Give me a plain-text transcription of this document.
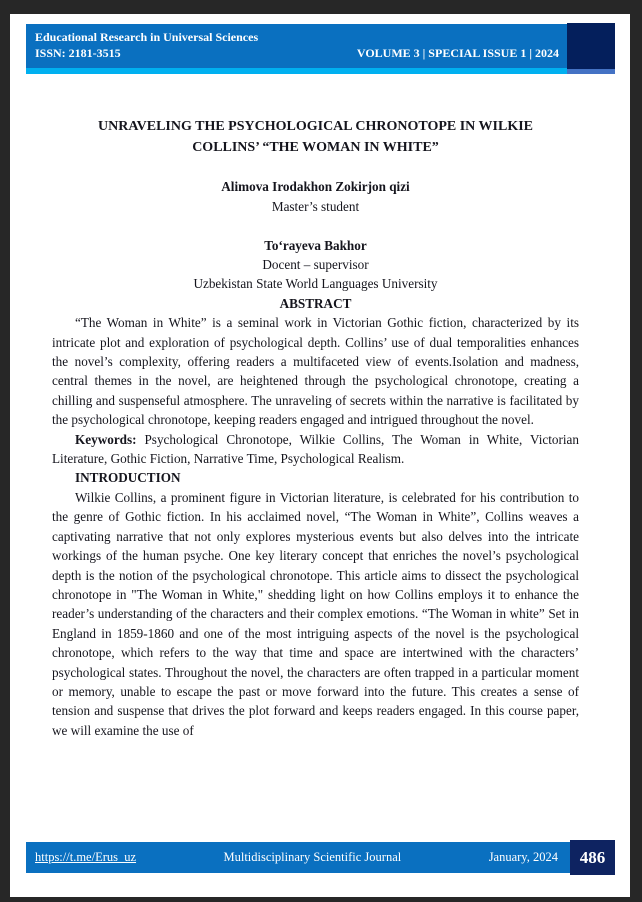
Educational Research in Universal Sciences
ISSN: 2181-3515	VOLUME 3 | SPECIAL ISSUE 1 | 2024

UNRAVELING THE PSYCHOLOGICAL CHRONOTOPE IN WILKIE COLLINS’ “THE WOMAN IN WHITE”

Alimova Irodakhon Zokirjon qizi

Master’s student

To‘rayeva Bakhor

Docent – supervisor

Uzbekistan State World Languages University

ABSTRACT

“The Woman in White” is a seminal work in Victorian Gothic fiction, characterized by its intricate plot and exploration of psychological depth. Collins’ use of dual temporalities enhances the novel’s complexity, offering readers a multifaceted view of events.Isolation and madness, central themes in the novel, are heightened through the psychological chronotope, creating a chilling and suspenseful atmosphere. The unraveling of secrets within the narrative is facilitated by the psychological chronotope, keeping readers engaged and intrigued throughout the novel.

Keywords: Psychological Chronotope, Wilkie Collins, The Woman in White, Victorian Literature, Gothic Fiction, Narrative Time, Psychological Realism.

INTRODUCTION

Wilkie Collins, a prominent figure in Victorian literature, is celebrated for his contribution to the genre of Gothic fiction. In his acclaimed novel, “The Woman in White”, Collins weaves a captivating narrative that not only explores mysterious events but also delves into the intricate workings of the human psyche. One key literary concept that enriches the novel’s psychological depth is the notion of the psychological chronotope. This article aims to dissect the psychological chronotope in "The Woman in White," shedding light on how Collins employs it to enhance the reader’s understanding of the characters and their complex emotions. “The Woman in white” Set in England in 1859-1860 and one of the most intriguing aspects of the novel is the psychological chronotope, which refers to the way that time and space are intertwined with the characters’ psychological states. Throughout the novel, the characters are often trapped in a particular moment or memory, unable to escape the past or move forward into the future. This creates a sense of tension and suspense that drives the plot forward and keeps readers engaged. In this course paper, we will examine the use of

https://t.me/Erus_uz	Multidisciplinary Scientific Journal	January, 2024 486
